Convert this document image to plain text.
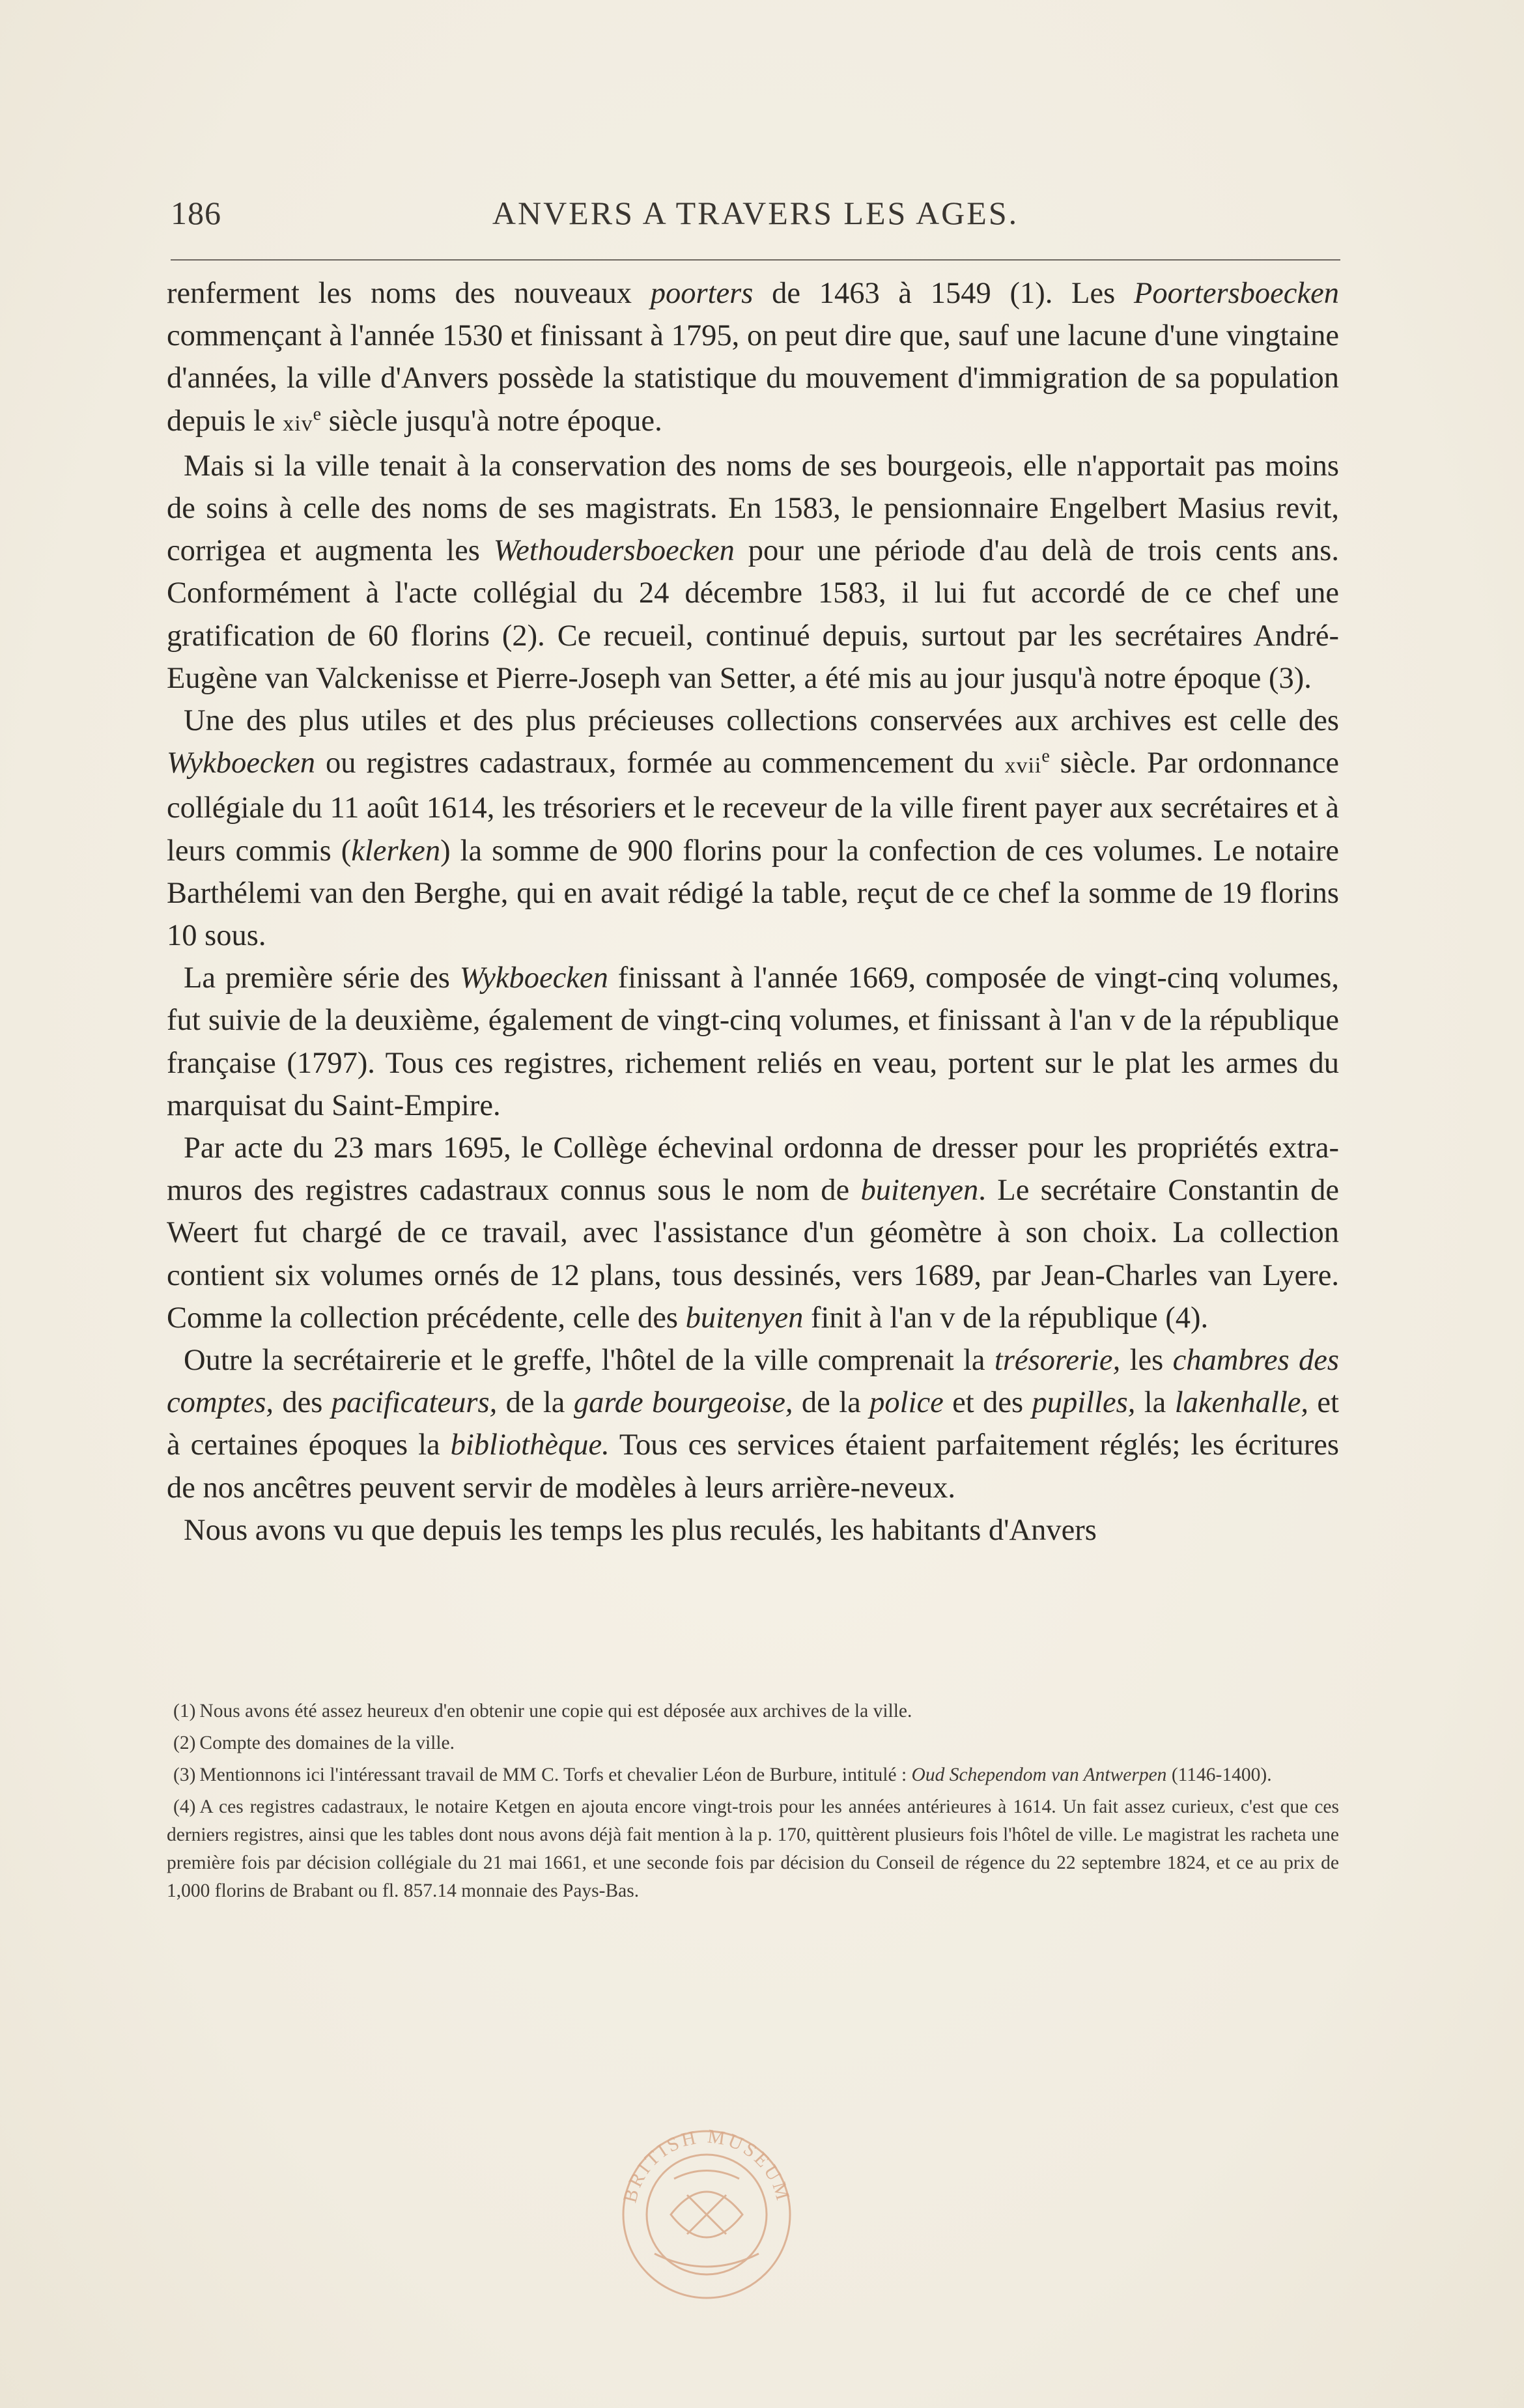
186	ANVERS A TRAVERS LES AGES.

renferment les noms des nouveaux poorters de 1463 à 1549 (1). Les Poortersboecken commençant à l'année 1530 et finissant à 1795, on peut dire que, sauf une lacune d'une vingtaine d'années, la ville d'Anvers possède la statistique du mouvement d'immigration de sa population depuis le xiv$^e$ siècle jusqu'à notre époque.

Mais si la ville tenait à la conservation des noms de ses bourgeois, elle n'apportait pas moins de soins à celle des noms de ses magistrats. En 1583, le pensionnaire Engelbert Masius revit, corrigea et augmenta les Wethoudersboecken pour une période d'au delà de trois cents ans. Conformément à l'acte collégial du 24 décembre 1583, il lui fut accordé de ce chef une gratification de 60 florins (2). Ce recueil, continué depuis, surtout par les secrétaires André-Eugène van Valckenisse et Pierre-Joseph van Setter, a été mis au jour jusqu'à notre époque (3).

Une des plus utiles et des plus précieuses collections conservées aux archives est celle des Wykboecken ou registres cadastraux, formée au commencement du xvii$^e$ siècle. Par ordonnance collégiale du 11 août 1614, les trésoriers et le receveur de la ville firent payer aux secrétaires et à leurs commis (klerken) la somme de 900 florins pour la confection de ces volumes. Le notaire Barthélemi van den Berghe, qui en avait rédigé la table, reçut de ce chef la somme de 19 florins 10 sous.

La première série des Wykboecken finissant à l'année 1669, composée de vingt-cinq volumes, fut suivie de la deuxième, également de vingt-cinq volumes, et finissant à l'an v de la république française (1797). Tous ces registres, richement reliés en veau, portent sur le plat les armes du marquisat du Saint-Empire.

Par acte du 23 mars 1695, le Collège échevinal ordonna de dresser pour les propriétés extra-muros des registres cadastraux connus sous le nom de buitenyen. Le secrétaire Constantin de Weert fut chargé de ce travail, avec l'assistance d'un géomètre à son choix. La collection contient six volumes ornés de 12 plans, tous dessinés, vers 1689, par Jean-Charles van Lyere. Comme la collection précédente, celle des buitenyen finit à l'an v de la république (4).

Outre la secrétairerie et le greffe, l'hôtel de la ville comprenait la trésorerie, les chambres des comptes, des pacificateurs, de la garde bourgeoise, de la police et des pupilles, la lakenhalle, et à certaines époques la bibliothèque. Tous ces services étaient parfaitement réglés; les écritures de nos ancêtres peuvent servir de modèles à leurs arrière-neveux.

Nous avons vu que depuis les temps les plus reculés, les habitants d'Anvers

(1) Nous avons été assez heureux d'en obtenir une copie qui est déposée aux archives de la ville.

(2) Compte des domaines de la ville.

(3) Mentionnons ici l'intéressant travail de MM C. Torfs et chevalier Léon de Burbure, intitulé : Oud Schependom van Antwerpen (1146-1400).

(4) A ces registres cadastraux, le notaire Ketgen en ajouta encore vingt-trois pour les années antérieures à 1614. Un fait assez curieux, c'est que ces derniers registres, ainsi que les tables dont nous avons déjà fait mention à la p. 170, quittèrent plusieurs fois l'hôtel de ville. Le magistrat les racheta une première fois par décision collégiale du 21 mai 1661, et une seconde fois par décision du Conseil de régence du 22 septembre 1824, et ce au prix de 1,000 florins de Brabant ou fl. 857.14 monnaie des Pays-Bas.

BRITISH MUSEUM
